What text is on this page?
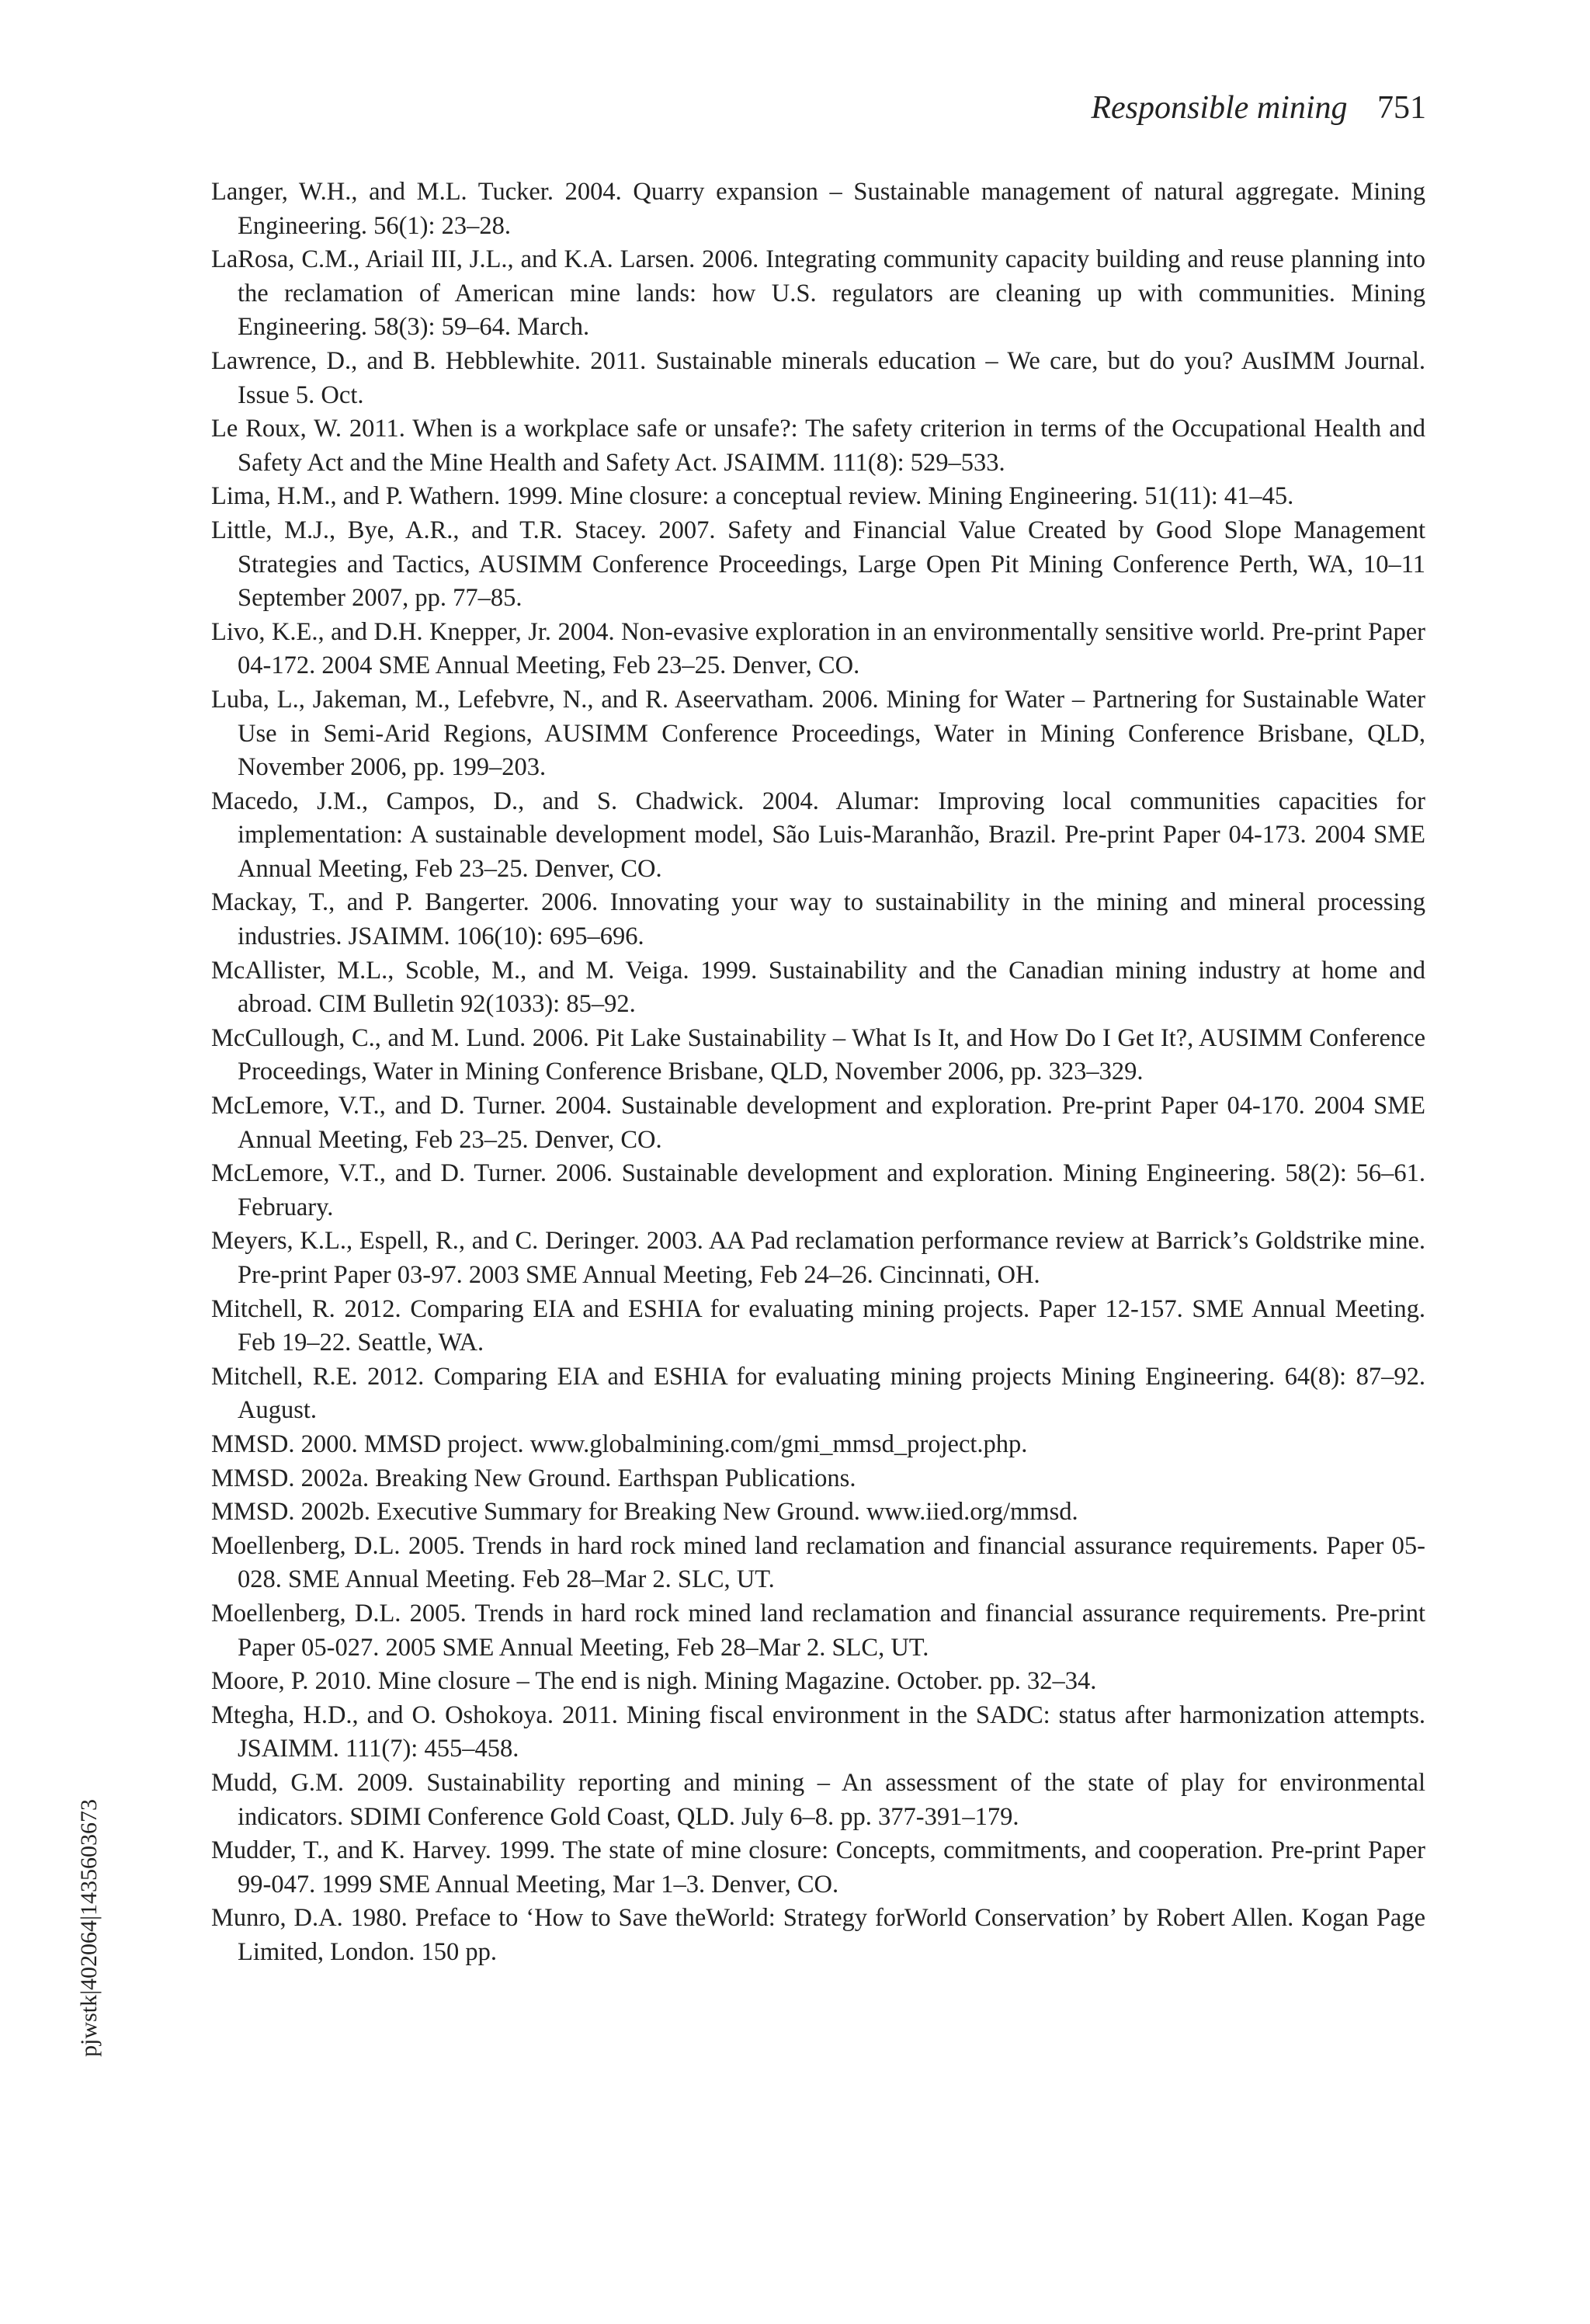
Responsible mining 751
Langer, W.H., and M.L. Tucker. 2004. Quarry expansion – Sustainable management of natural aggregate. Mining Engineering. 56(1): 23–28.
LaRosa, C.M., Ariail III, J.L., and K.A. Larsen. 2006. Integrating community capacity building and reuse planning into the reclamation of American mine lands: how U.S. regulators are cleaning up with communities. Mining Engineering. 58(3): 59–64. March.
Lawrence, D., and B. Hebblewhite. 2011. Sustainable minerals education – We care, but do you? AusIMM Journal. Issue 5. Oct.
Le Roux, W. 2011. When is a workplace safe or unsafe?: The safety criterion in terms of the Occupational Health and Safety Act and the Mine Health and Safety Act. JSAIMM. 111(8): 529–533.
Lima, H.M., and P. Wathern. 1999. Mine closure: a conceptual review. Mining Engineering. 51(11): 41–45.
Little, M.J., Bye, A.R., and T.R. Stacey. 2007. Safety and Financial Value Created by Good Slope Management Strategies and Tactics, AUSIMM Conference Proceedings, Large Open Pit Mining Conference Perth, WA, 10–11 September 2007, pp. 77–85.
Livo, K.E., and D.H. Knepper, Jr. 2004. Non-evasive exploration in an environmentally sensitive world. Pre-print Paper 04-172. 2004 SME Annual Meeting, Feb 23–25. Denver, CO.
Luba, L., Jakeman, M., Lefebvre, N., and R. Aseervatham. 2006. Mining for Water – Partnering for Sustainable Water Use in Semi-Arid Regions, AUSIMM Conference Proceedings, Water in Mining Conference Brisbane, QLD, November 2006, pp. 199–203.
Macedo, J.M., Campos, D., and S. Chadwick. 2004. Alumar: Improving local communities capacities for implementation: A sustainable development model, São Luis-Maranhão, Brazil. Pre-print Paper 04-173. 2004 SME Annual Meeting, Feb 23–25. Denver, CO.
Mackay, T., and P. Bangerter. 2006. Innovating your way to sustainability in the mining and mineral processing industries. JSAIMM. 106(10): 695–696.
McAllister, M.L., Scoble, M., and M. Veiga. 1999. Sustainability and the Canadian mining industry at home and abroad. CIM Bulletin 92(1033): 85–92.
McCullough, C., and M. Lund. 2006. Pit Lake Sustainability – What Is It, and How Do I Get It?, AUSIMM Conference Proceedings, Water in Mining Conference Brisbane, QLD, November 2006, pp. 323–329.
McLemore, V.T., and D. Turner. 2004. Sustainable development and exploration. Pre-print Paper 04-170. 2004 SME Annual Meeting, Feb 23–25. Denver, CO.
McLemore, V.T., and D. Turner. 2006. Sustainable development and exploration. Mining Engineering. 58(2): 56–61. February.
Meyers, K.L., Espell, R., and C. Deringer. 2003. AA Pad reclamation performance review at Barrick’s Goldstrike mine. Pre-print Paper 03-97. 2003 SME Annual Meeting, Feb 24–26. Cincinnati, OH.
Mitchell, R. 2012. Comparing EIA and ESHIA for evaluating mining projects. Paper 12-157. SME Annual Meeting. Feb 19–22. Seattle, WA.
Mitchell, R.E. 2012. Comparing EIA and ESHIA for evaluating mining projects Mining Engineering. 64(8): 87–92. August.
MMSD. 2000. MMSD project. www.globalmining.com/gmi_mmsd_project.php.
MMSD. 2002a. Breaking New Ground. Earthspan Publications.
MMSD. 2002b. Executive Summary for Breaking New Ground. www.iied.org/mmsd.
Moellenberg, D.L. 2005. Trends in hard rock mined land reclamation and financial assurance requirements. Paper 05-028. SME Annual Meeting. Feb 28–Mar 2. SLC, UT.
Moellenberg, D.L. 2005. Trends in hard rock mined land reclamation and financial assurance requirements. Pre-print Paper 05-027. 2005 SME Annual Meeting, Feb 28–Mar 2. SLC, UT.
Moore, P. 2010. Mine closure – The end is nigh. Mining Magazine. October. pp. 32–34.
Mtegha, H.D., and O. Oshokoya. 2011. Mining fiscal environment in the SADC: status after harmonization attempts. JSAIMM. 111(7): 455–458.
Mudd, G.M. 2009. Sustainability reporting and mining – An assessment of the state of play for environmental indicators. SDIMI Conference Gold Coast, QLD. July 6–8. pp. 377-391–179.
Mudder, T., and K. Harvey. 1999. The state of mine closure: Concepts, commitments, and cooperation. Pre-print Paper 99-047. 1999 SME Annual Meeting, Mar 1–3. Denver, CO.
Munro, D.A. 1980. Preface to ‘How to Save theWorld: Strategy forWorld Conservation’ by Robert Allen. Kogan Page Limited, London. 150 pp.
pjwstk|402064|1435603673
